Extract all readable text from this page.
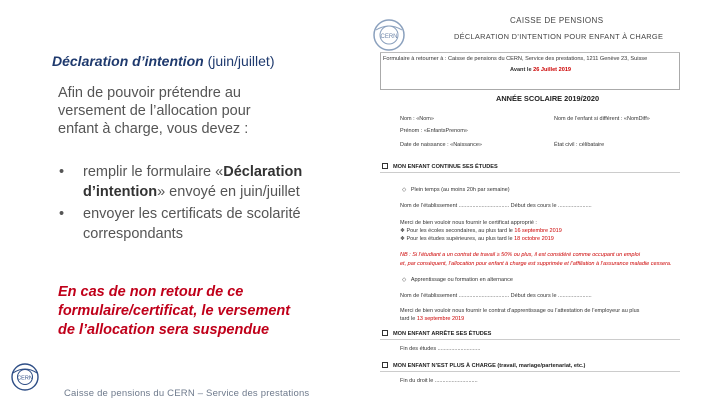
CERN
Déclaration d’intention (juin/juillet)
Afin de pouvoir prétendre au versement de l’allocation pour enfant à charge, vous devez :
• remplir le formulaire «Déclaration d’intention» envoyé en juin/juillet
• envoyer les certificats de scolarité correspondants
En cas de non retour de ce formulaire/certificat, le versement de l’allocation sera suspendue
CERN
Caisse de pensions du CERN – Service des prestations
CAISSE DE PENSIONS
DÉCLARATION D’INTENTION POUR ENFANT À CHARGE
Formulaire à retourner à : Caisse de pensions du CERN, Service des prestations, 1211 Genève 23, Suisse
Avant le 26 Juillet 2019
ANNÉE SCOLAIRE 2019/2020
Nom : «Nom»	Nom de l’enfant si différent : «NomDiff»
Prénom : «EnfantsPrenom»
Date de naissance : «Naissance»	État civil : célibataire
MON ENFANT CONTINUE SES ÉTUDES
◇   Plein temps (au moins 20h par semaine)
Nom de l’établissement ................................. Début des cours le ......................
Merci de bien vouloir nous fournir le certificat approprié :
❖ Pour les écoles secondaires, au plus tard le 16 septembre 2019
❖ Pour les études supérieures, au plus tard le 18 octobre 2019
NB : Si l’étudiant a un contrat de travail ≥ 50% ou plus, il est considéré comme occupant un emploi
et, par conséquent, l’allocation pour enfant à charge est supprimée et l’affiliation à l’assurance maladie cessera.
◇   Apprentissage ou formation en alternance
Nom de l’établissement ................................. Début des cours le ......................
Merci de bien vouloir nous fournir le contrat d’apprentissage ou l’attestation de l’employeur au plus
tard le 13 septembre 2019
MON ENFANT ARRÊTE SES ÉTUDES
Fin des études ............................
MON ENFANT N’EST PLUS À CHARGE (travail, mariage/partenariat, etc.)
Fin du droit le ............................
